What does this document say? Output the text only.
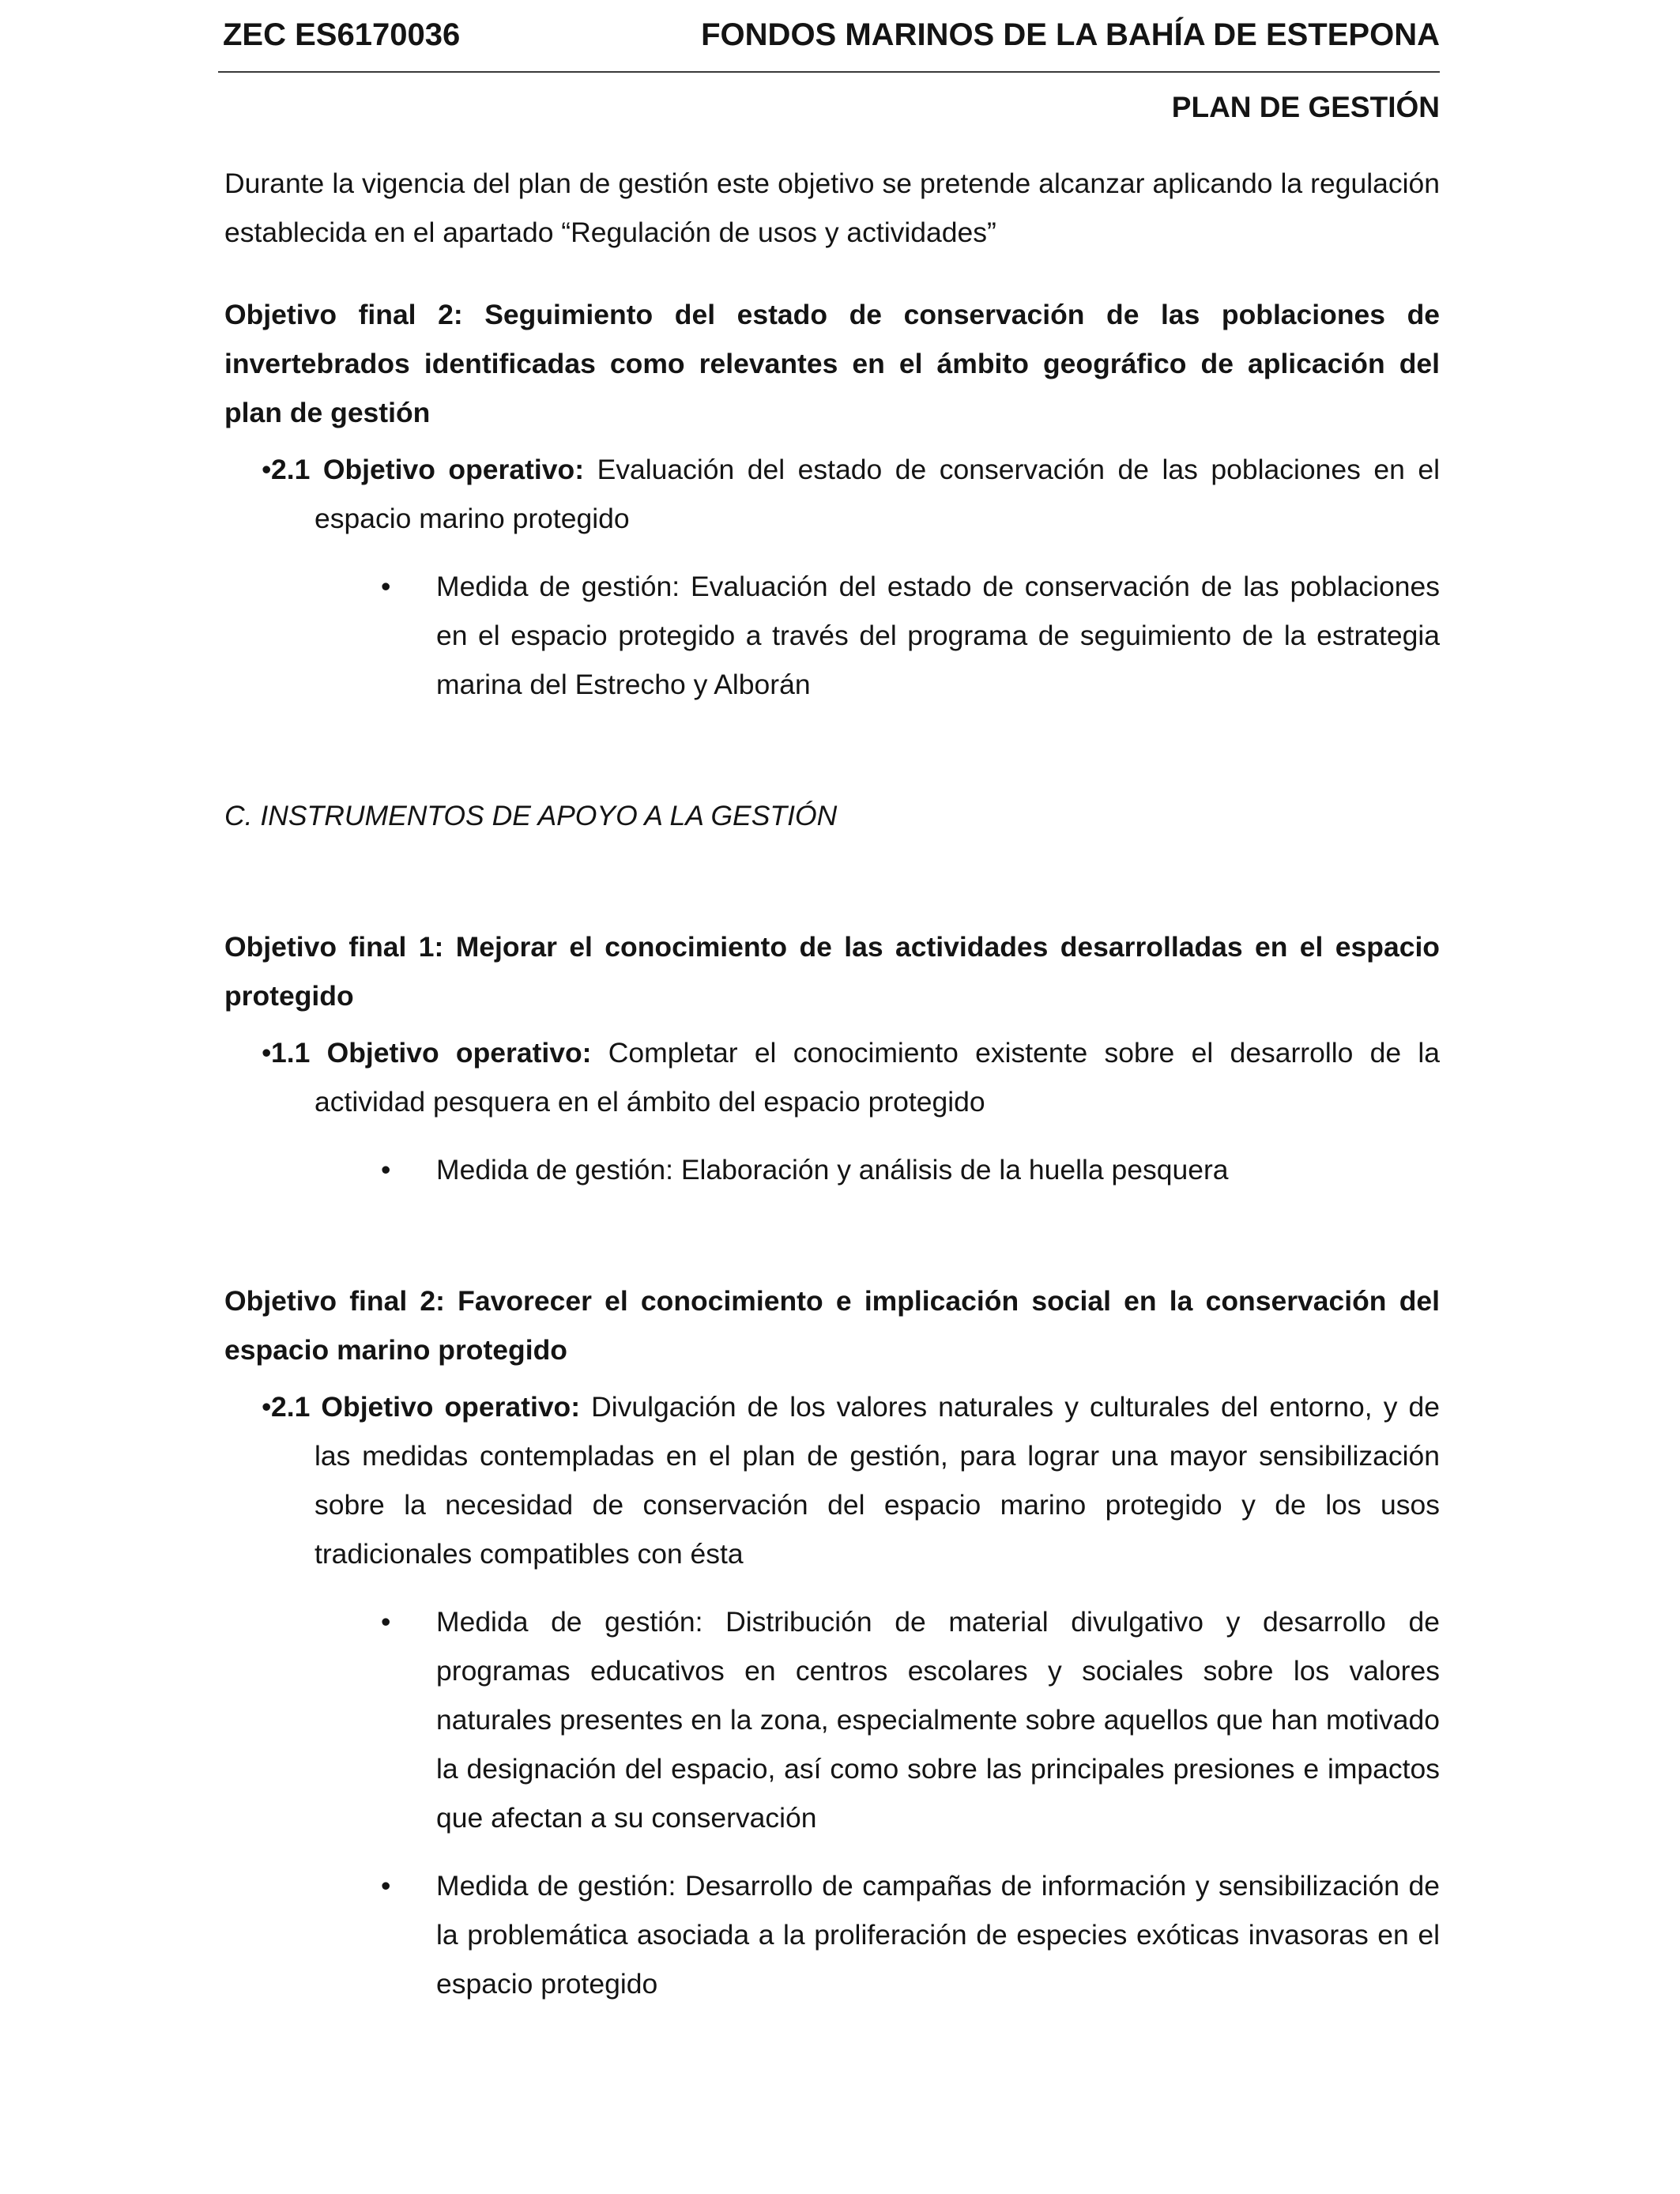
ZEC ES6170036	FONDOS MARINOS DE LA BAHÍA DE ESTEPONA
PLAN DE GESTIÓN

Durante la vigencia del plan de gestión este objetivo se pretende alcanzar aplicando la regulación establecida en el apartado “Regulación de usos y actividades”

Objetivo final 2: Seguimiento del estado de conservación de las poblaciones de invertebrados identificadas como relevantes en el ámbito geográfico de aplicación del plan de gestión

•2.1 Objetivo operativo: Evaluación del estado de conservación de las poblaciones en el espacio marino protegido

• Medida de gestión: Evaluación del estado de conservación de las poblaciones en el espacio protegido a través del programa de seguimiento de la estrategia marina del Estrecho y Alborán

C. INSTRUMENTOS DE APOYO A LA GESTIÓN

Objetivo final 1: Mejorar el conocimiento de las actividades desarrolladas en el espacio protegido

•1.1 Objetivo operativo: Completar el conocimiento existente sobre el desarrollo de la actividad pesquera en el ámbito del espacio protegido

• Medida de gestión: Elaboración y análisis de la huella pesquera

Objetivo final 2: Favorecer el conocimiento e implicación social en la conservación del espacio marino protegido

•2.1 Objetivo operativo: Divulgación de los valores naturales y culturales del entorno, y de las medidas contempladas en el plan de gestión, para lograr una mayor sensibilización sobre la necesidad de conservación del espacio marino protegido y de los usos tradicionales compatibles con ésta

• Medida de gestión: Distribución de material divulgativo y desarrollo de programas educativos en centros escolares y sociales sobre los valores naturales presentes en la zona, especialmente sobre aquellos que han motivado la designación del espacio, así como sobre las principales presiones e impactos que afectan a su conservación

• Medida de gestión: Desarrollo de campañas de información y sensibilización de la problemática asociada a la proliferación de especies exóticas invasoras en el espacio protegido
